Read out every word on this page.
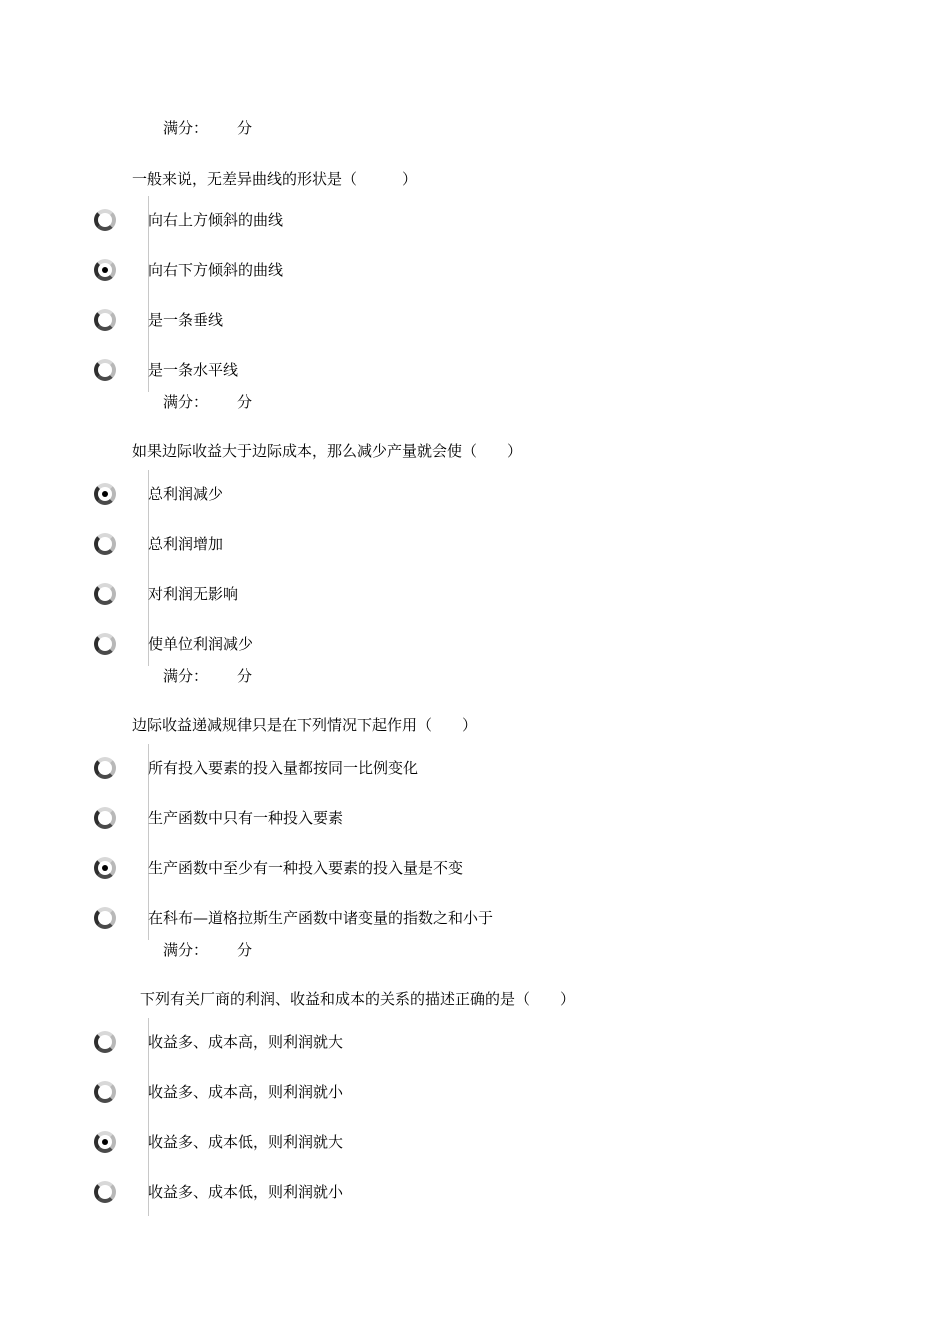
满分： 分
一般来说，无差异曲线的形状是（　　　）
向右上方倾斜的曲线
向右下方倾斜的曲线
是一条垂线
是一条水平线
满分： 分
如果边际收益大于边际成本，那么减少产量就会使（　　）
总利润减少
总利润增加
对利润无影响
使单位利润减少
满分： 分
边际收益递减规律只是在下列情况下起作用（　　）
所有投入要素的投入量都按同一比例变化
生产函数中只有一种投入要素
生产函数中至少有一种投入要素的投入量是不变
在科布—道格拉斯生产函数中诸变量的指数之和小于
满分： 分
下列有关厂商的利润、收益和成本的关系的描述正确的是（　　）
收益多、成本高，则利润就大
收益多、成本高，则利润就小
收益多、成本低，则利润就大
收益多、成本低，则利润就小
